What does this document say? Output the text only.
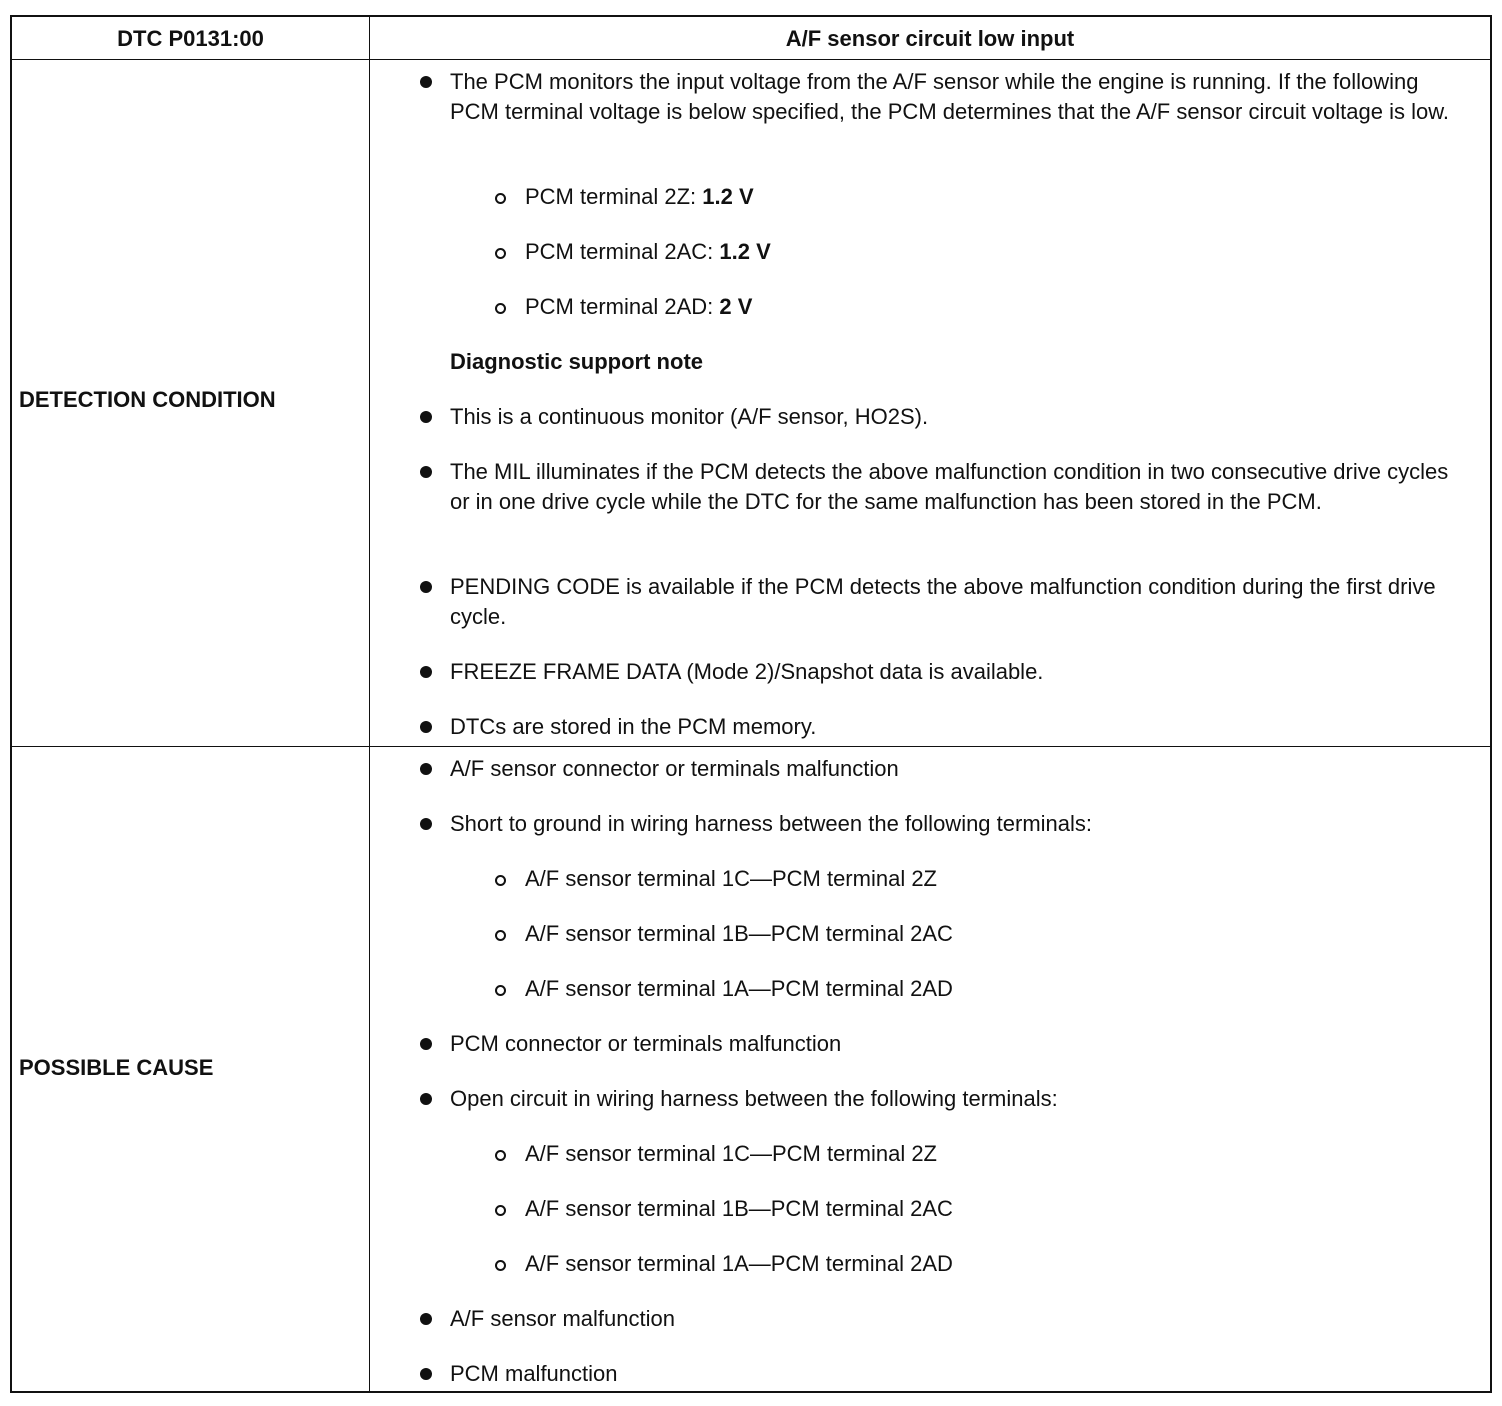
DTC P0131:00	A/F sensor circuit low input
DETECTION CONDITION
POSSIBLE CAUSE
The PCM monitors the input voltage from the A/F sensor while the engine is running. If the following PCM terminal voltage is below specified, the PCM determines that the A/F sensor circuit voltage is low.
PCM terminal 2Z: 1.2 V
PCM terminal 2AC: 1.2 V
PCM terminal 2AD: 2 V
Diagnostic support note
This is a continuous monitor (A/F sensor, HO2S).
The MIL illuminates if the PCM detects the above malfunction condition in two consecutive drive cycles or in one drive cycle while the DTC for the same malfunction has been stored in the PCM.
PENDING CODE is available if the PCM detects the above malfunction condition during the first drive cycle.
FREEZE FRAME DATA (Mode 2)/Snapshot data is available.
DTCs are stored in the PCM memory.
A/F sensor connector or terminals malfunction
Short to ground in wiring harness between the following terminals:
A/F sensor terminal 1C—PCM terminal 2Z
A/F sensor terminal 1B—PCM terminal 2AC
A/F sensor terminal 1A—PCM terminal 2AD
PCM connector or terminals malfunction
Open circuit in wiring harness between the following terminals:
A/F sensor terminal 1C—PCM terminal 2Z
A/F sensor terminal 1B—PCM terminal 2AC
A/F sensor terminal 1A—PCM terminal 2AD
A/F sensor malfunction
PCM malfunction
